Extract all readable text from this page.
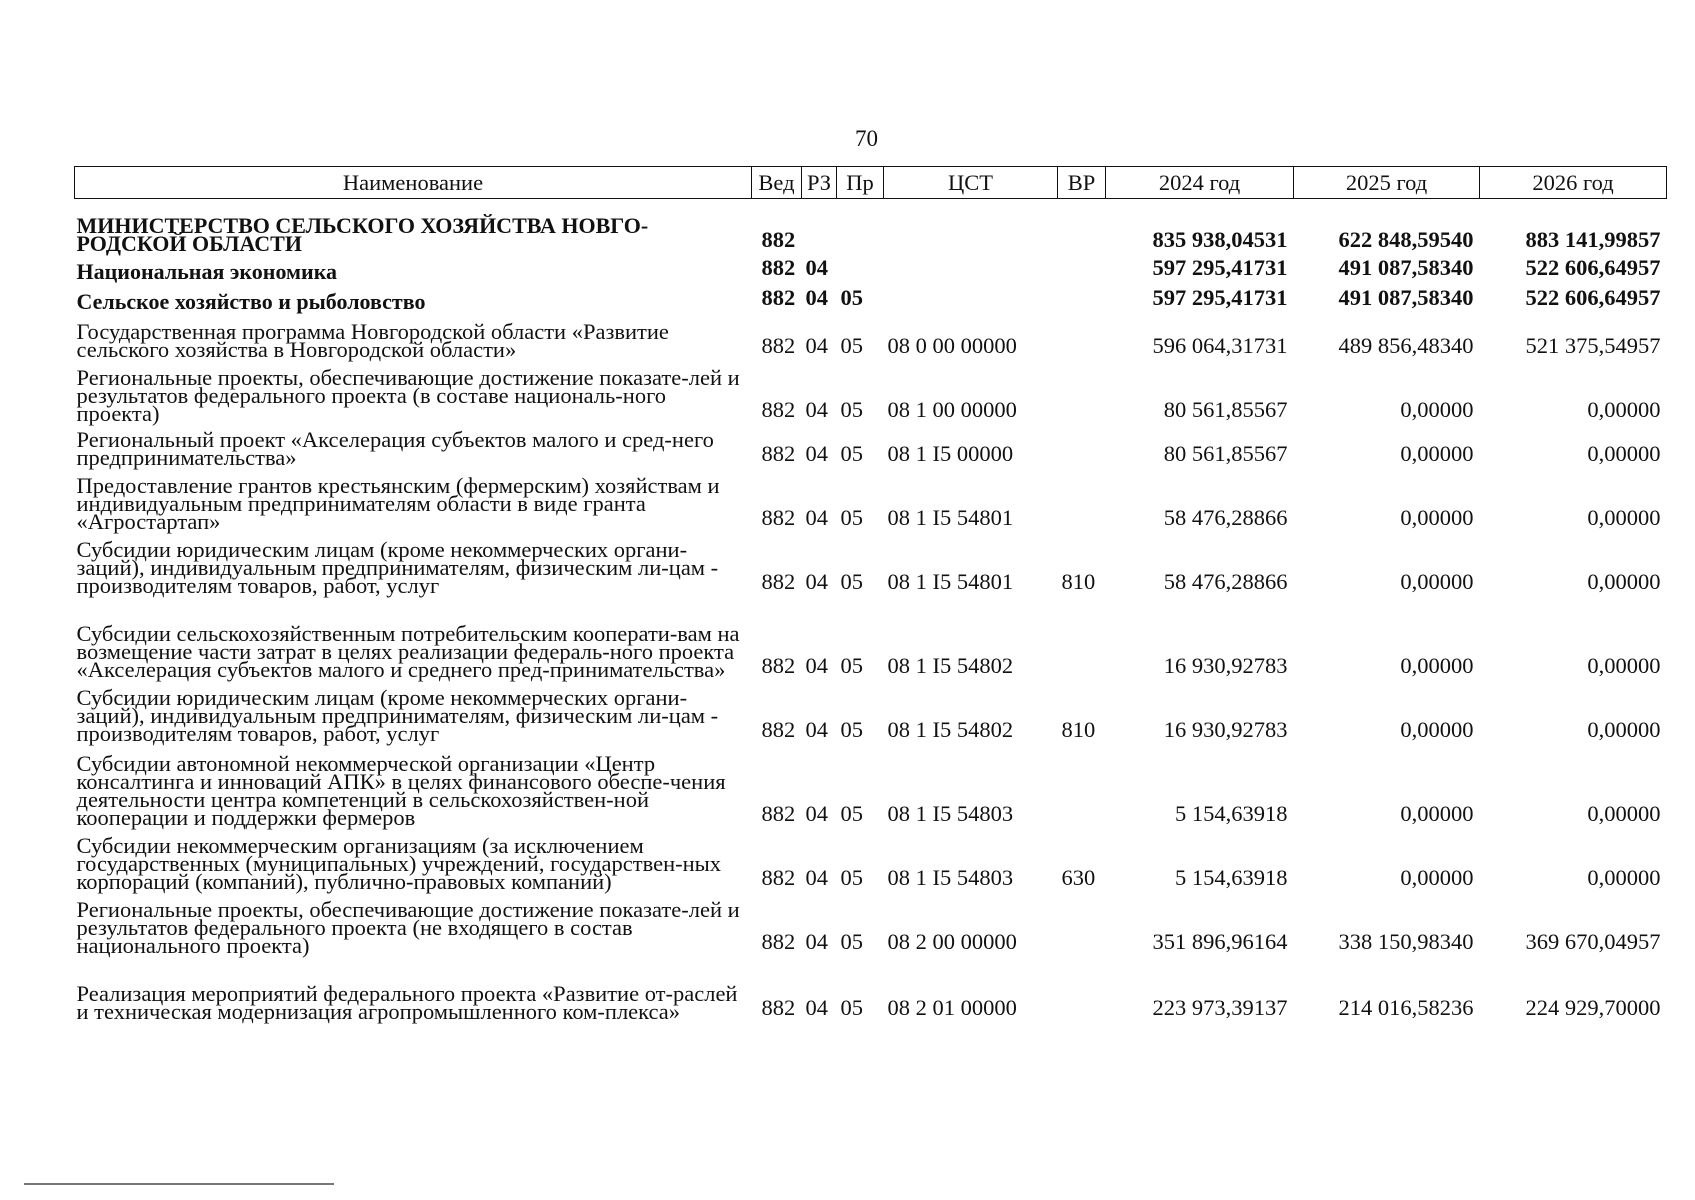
70
Наименование	Вед	РЗ	Пр	ЦСТ	ВР	2024 год	2025 год	2026 год
МИНИСТЕРСТВО СЕЛЬСКОГО ХОЗЯЙСТВА НОВГО-РОДСКОЙ ОБЛАСТИ	882					835 938,04531	622 848,59540	883 141,99857
Национальная экономика	882	04				597 295,41731	491 087,58340	522 606,64957
Сельское хозяйство и рыболовство	882	04	05			597 295,41731	491 087,58340	522 606,64957
Государственная программа Новгородской области «Развитие сельского хозяйства в Новгородской области»	882	04	05	08 0 00 00000		596 064,31731	489 856,48340	521 375,54957
Региональные проекты, обеспечивающие достижение показате-лей и результатов федерального проекта (в составе националь-ного проекта)	882	04	05	08 1 00 00000		80 561,85567	0,00000	0,00000
Региональный проект «Акселерация субъектов малого и сред-него предпринимательства»	882	04	05	08 1 I5 00000		80 561,85567	0,00000	0,00000
Предоставление грантов крестьянским (фермерским) хозяйствам и индивидуальным предпринимателям области в виде гранта «Агростартап»	882	04	05	08 1 I5 54801		58 476,28866	0,00000	0,00000
Субсидии юридическим лицам (кроме некоммерческих органи-заций), индивидуальным предпринимателям, физическим ли-цам - производителям товаров, работ, услуг	882	04	05	08 1 I5 54801	810	58 476,28866	0,00000	0,00000
Субсидии сельскохозяйственным потребительским кооперати-вам на возмещение части затрат в целях реализации федераль-ного проекта «Акселерация субъектов малого и среднего пред-принимательства»	882	04	05	08 1 I5 54802		16 930,92783	0,00000	0,00000
Субсидии юридическим лицам (кроме некоммерческих органи-заций), индивидуальным предпринимателям, физическим ли-цам - производителям товаров, работ, услуг	882	04	05	08 1 I5 54802	810	16 930,92783	0,00000	0,00000
Субсидии автономной некоммерческой организации «Центр консалтинга и инноваций АПК» в целях финансового обеспе-чения деятельности центра компетенций в сельскохозяйствен-ной кооперации и поддержки фермеров	882	04	05	08 1 I5 54803		5 154,63918	0,00000	0,00000
Субсидии некоммерческим организациям (за исключением государственных (муниципальных) учреждений, государствен-ных корпораций (компаний), публично-правовых компаний)	882	04	05	08 1 I5 54803	630	5 154,63918	0,00000	0,00000
Региональные проекты, обеспечивающие достижение показате-лей и результатов федерального проекта (не входящего в состав национального проекта)	882	04	05	08 2 00 00000		351 896,96164	338 150,98340	369 670,04957
Реализация мероприятий федерального проекта «Развитие от-раслей и техническая модернизация агропромышленного ком-плекса»	882	04	05	08 2 01 00000		223 973,39137	214 016,58236	224 929,70000
